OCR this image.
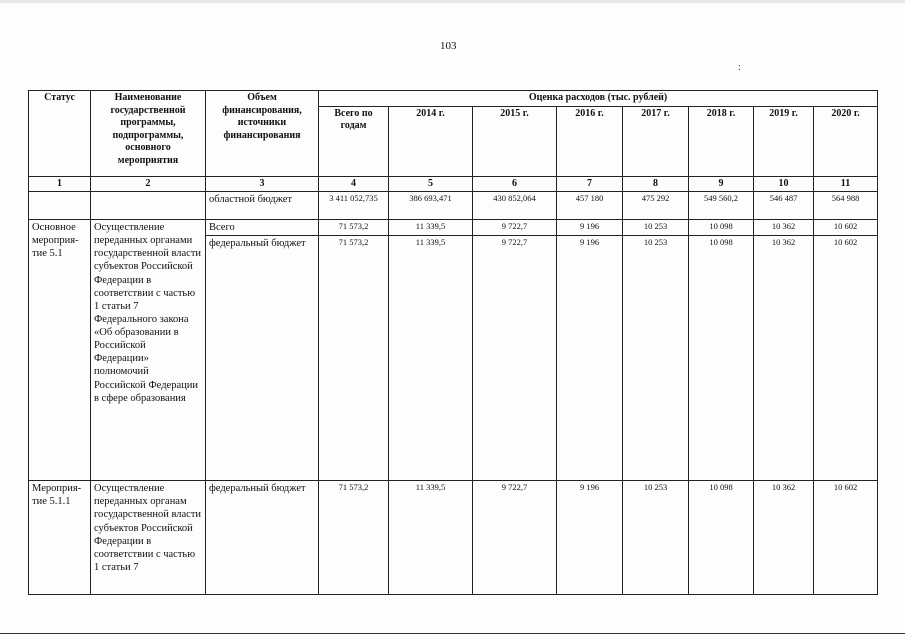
103
:
Статус	Наименование государственной программы, подпрограммы, основного мероприятия	Объем финансирования, источники финансирования	Оценка расходов (тыс. рублей)							
			Всего по годам	2014 г.	2015 г.	2016 г.	2017 г.	2018 г.	2019 г.	2020 г.
1	2	3	4	5	6	7	8	9	10	11
		областной бюджет	3 411 052,735	386 693,471	430 852,064	457 180	475 292	549 560,2	546 487	564 988
Основное мероприя-тие 5.1	Осуществление переданных органами государственной власти субъектов Российской Федерации в соответствии с частью 1 статьи 7 Федерального закона «Об образовании в Российской Федерации» полномочий Российской Федерации в сфере образования	Всего	71 573,2	11 339,5	9 722,7	9 196	10 253	10 098	10 362	10 602
		федеральный бюджет	71 573,2	11 339,5	9 722,7	9 196	10 253	10 098	10 362	10 602
Мероприя-тие 5.1.1	Осуществление переданных органам государственной власти субъектов Российской Федерации в соответствии с частью 1 статьи 7	федеральный бюджет	71 573,2	11 339,5	9 722,7	9 196	10 253	10 098	10 362	10 602
